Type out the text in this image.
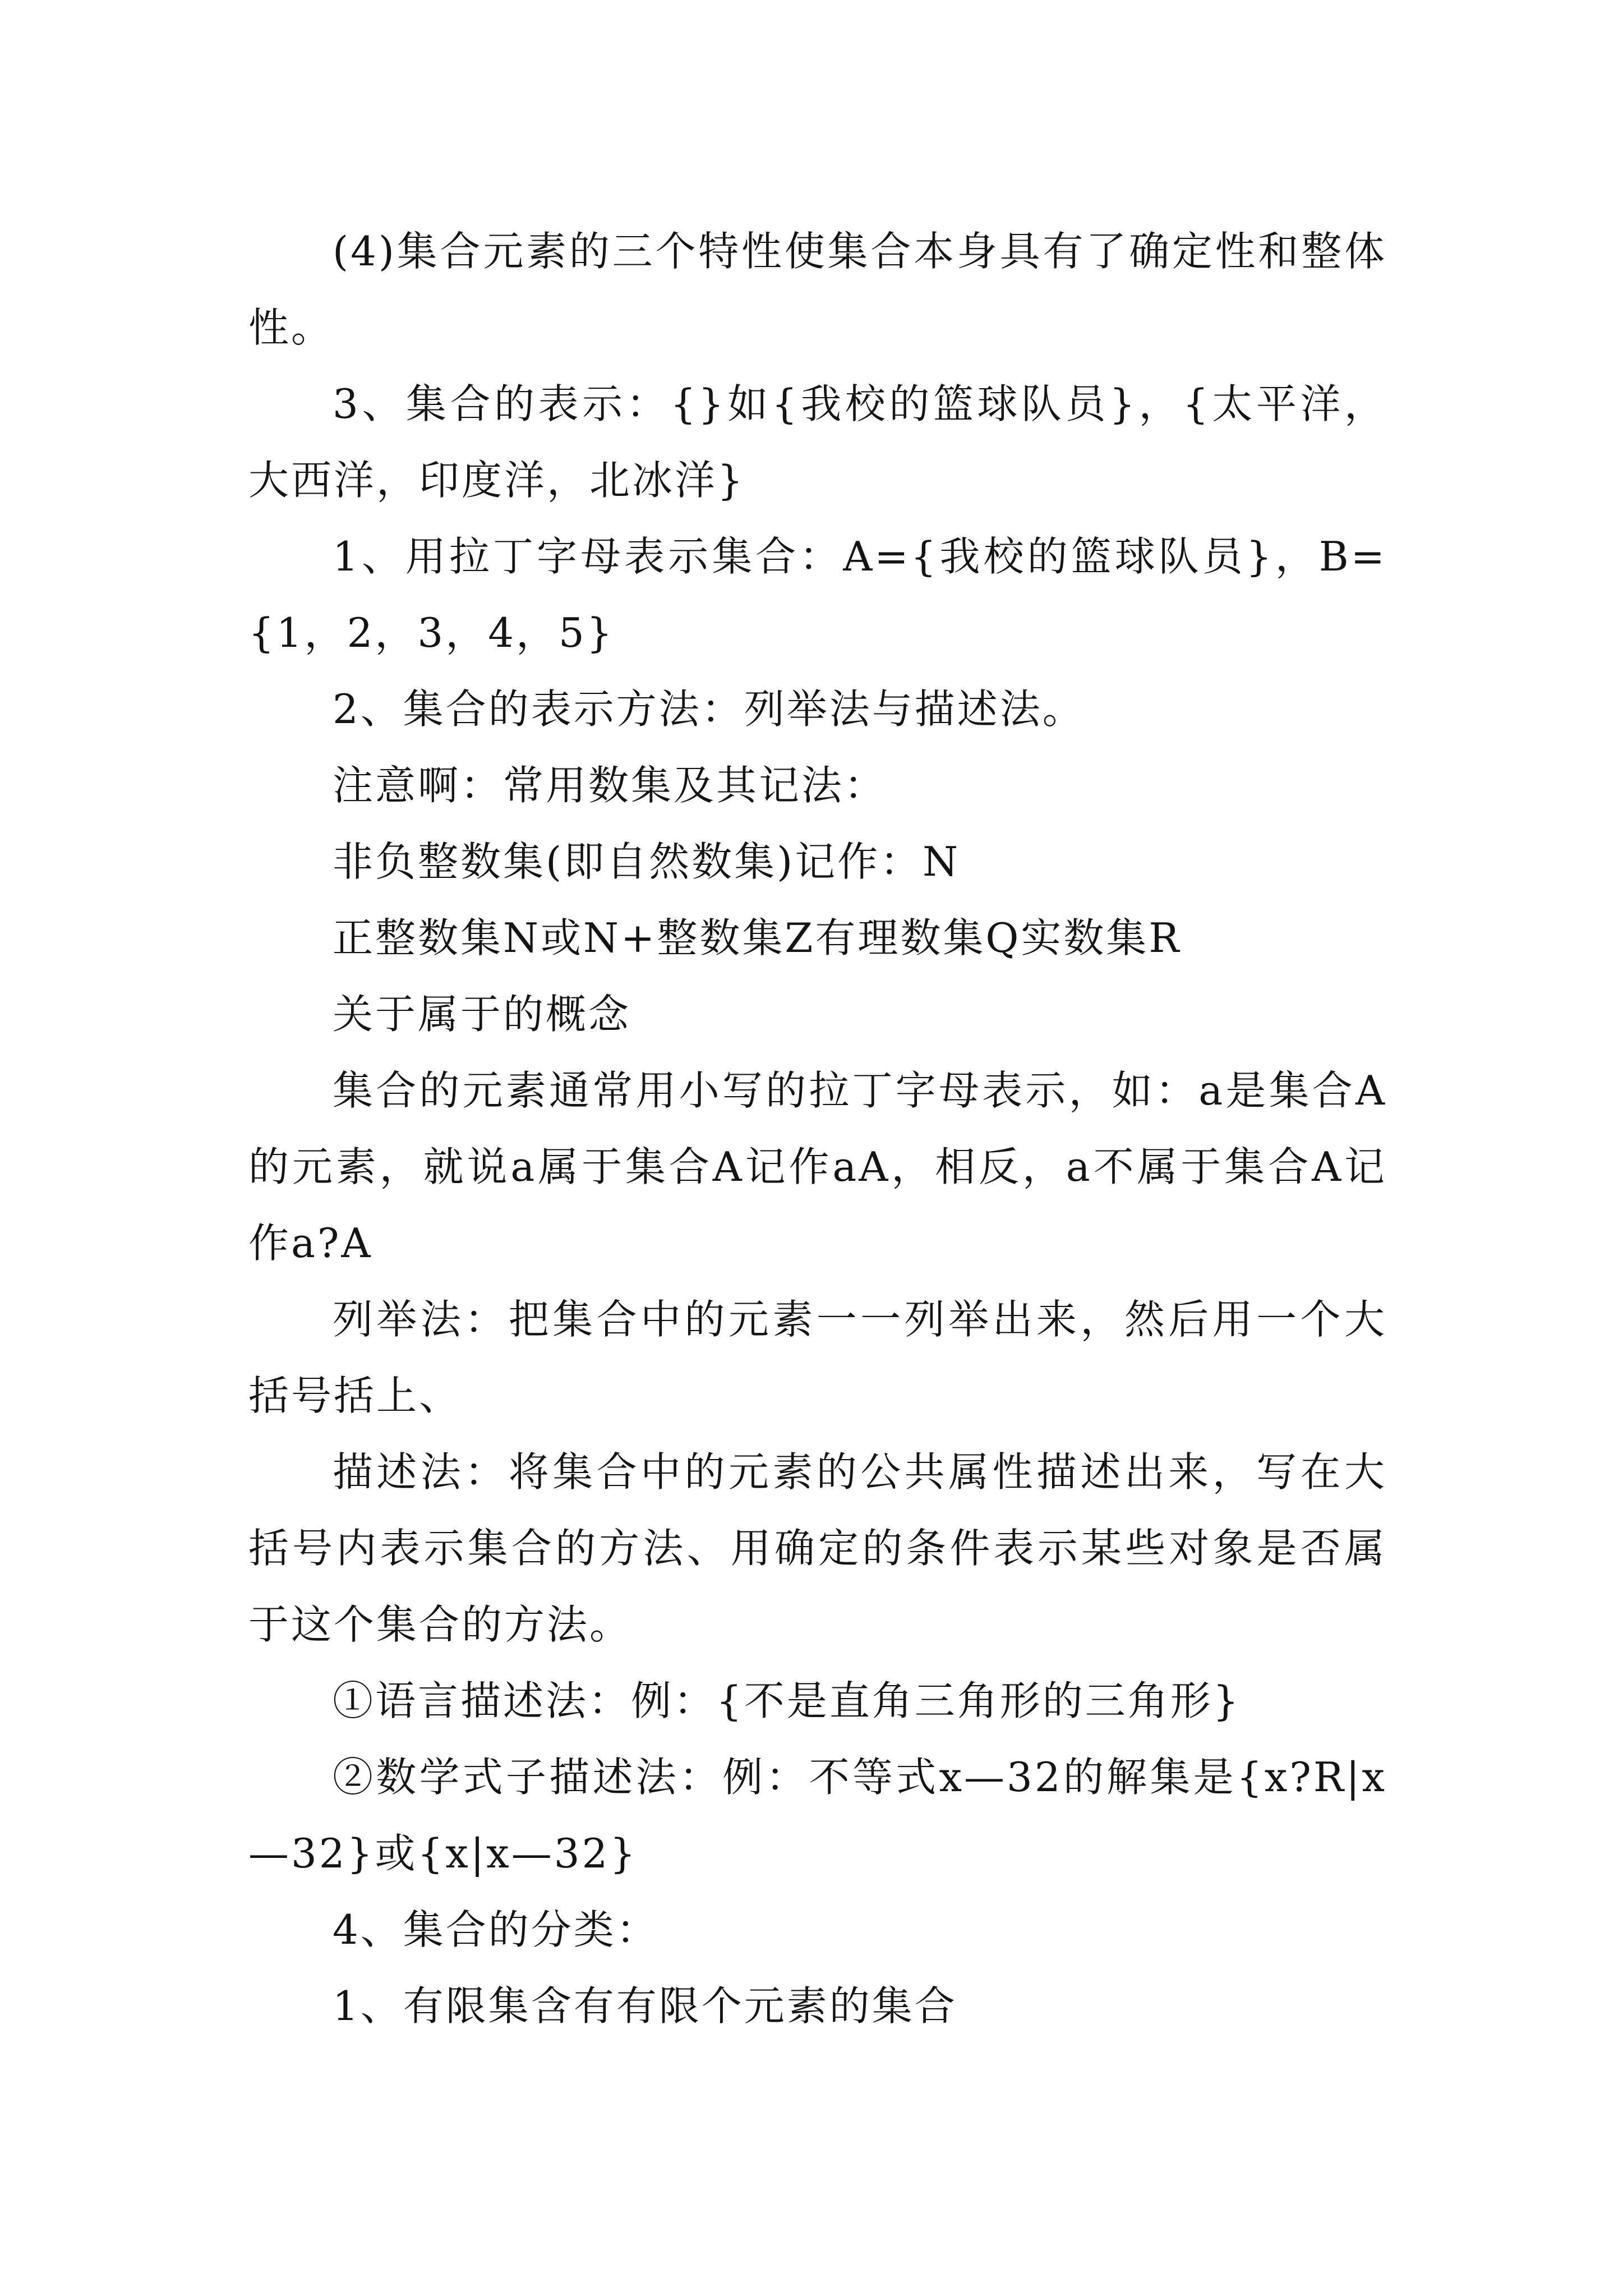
(4)集合元素的三个特性使集合本身具有了确定性和整体性。

3、集合的表示：{}如{我校的篮球队员}，{太平洋，大西洋，印度洋，北冰洋}

1、用拉丁字母表示集合：A={我校的篮球队员}，B={1，2，3，4，5}

2、集合的表示方法：列举法与描述法。

注意啊：常用数集及其记法：

非负整数集(即自然数集)记作：N

正整数集N或N+整数集Z有理数集Q实数集R

关于属于的概念

集合的元素通常用小写的拉丁字母表示，如：a是集合A的元素，就说a属于集合A记作aA，相反，a不属于集合A记作a?A

列举法：把集合中的元素一一列举出来，然后用一个大括号括上、

描述法：将集合中的元素的公共属性描述出来，写在大括号内表示集合的方法、用确定的条件表示某些对象是否属于这个集合的方法。

①语言描述法：例：{不是直角三角形的三角形}

②数学式子描述法：例：不等式x—32的解集是{x?R|x—32}或{x|x—32}

4、集合的分类：

1、有限集含有有限个元素的集合
